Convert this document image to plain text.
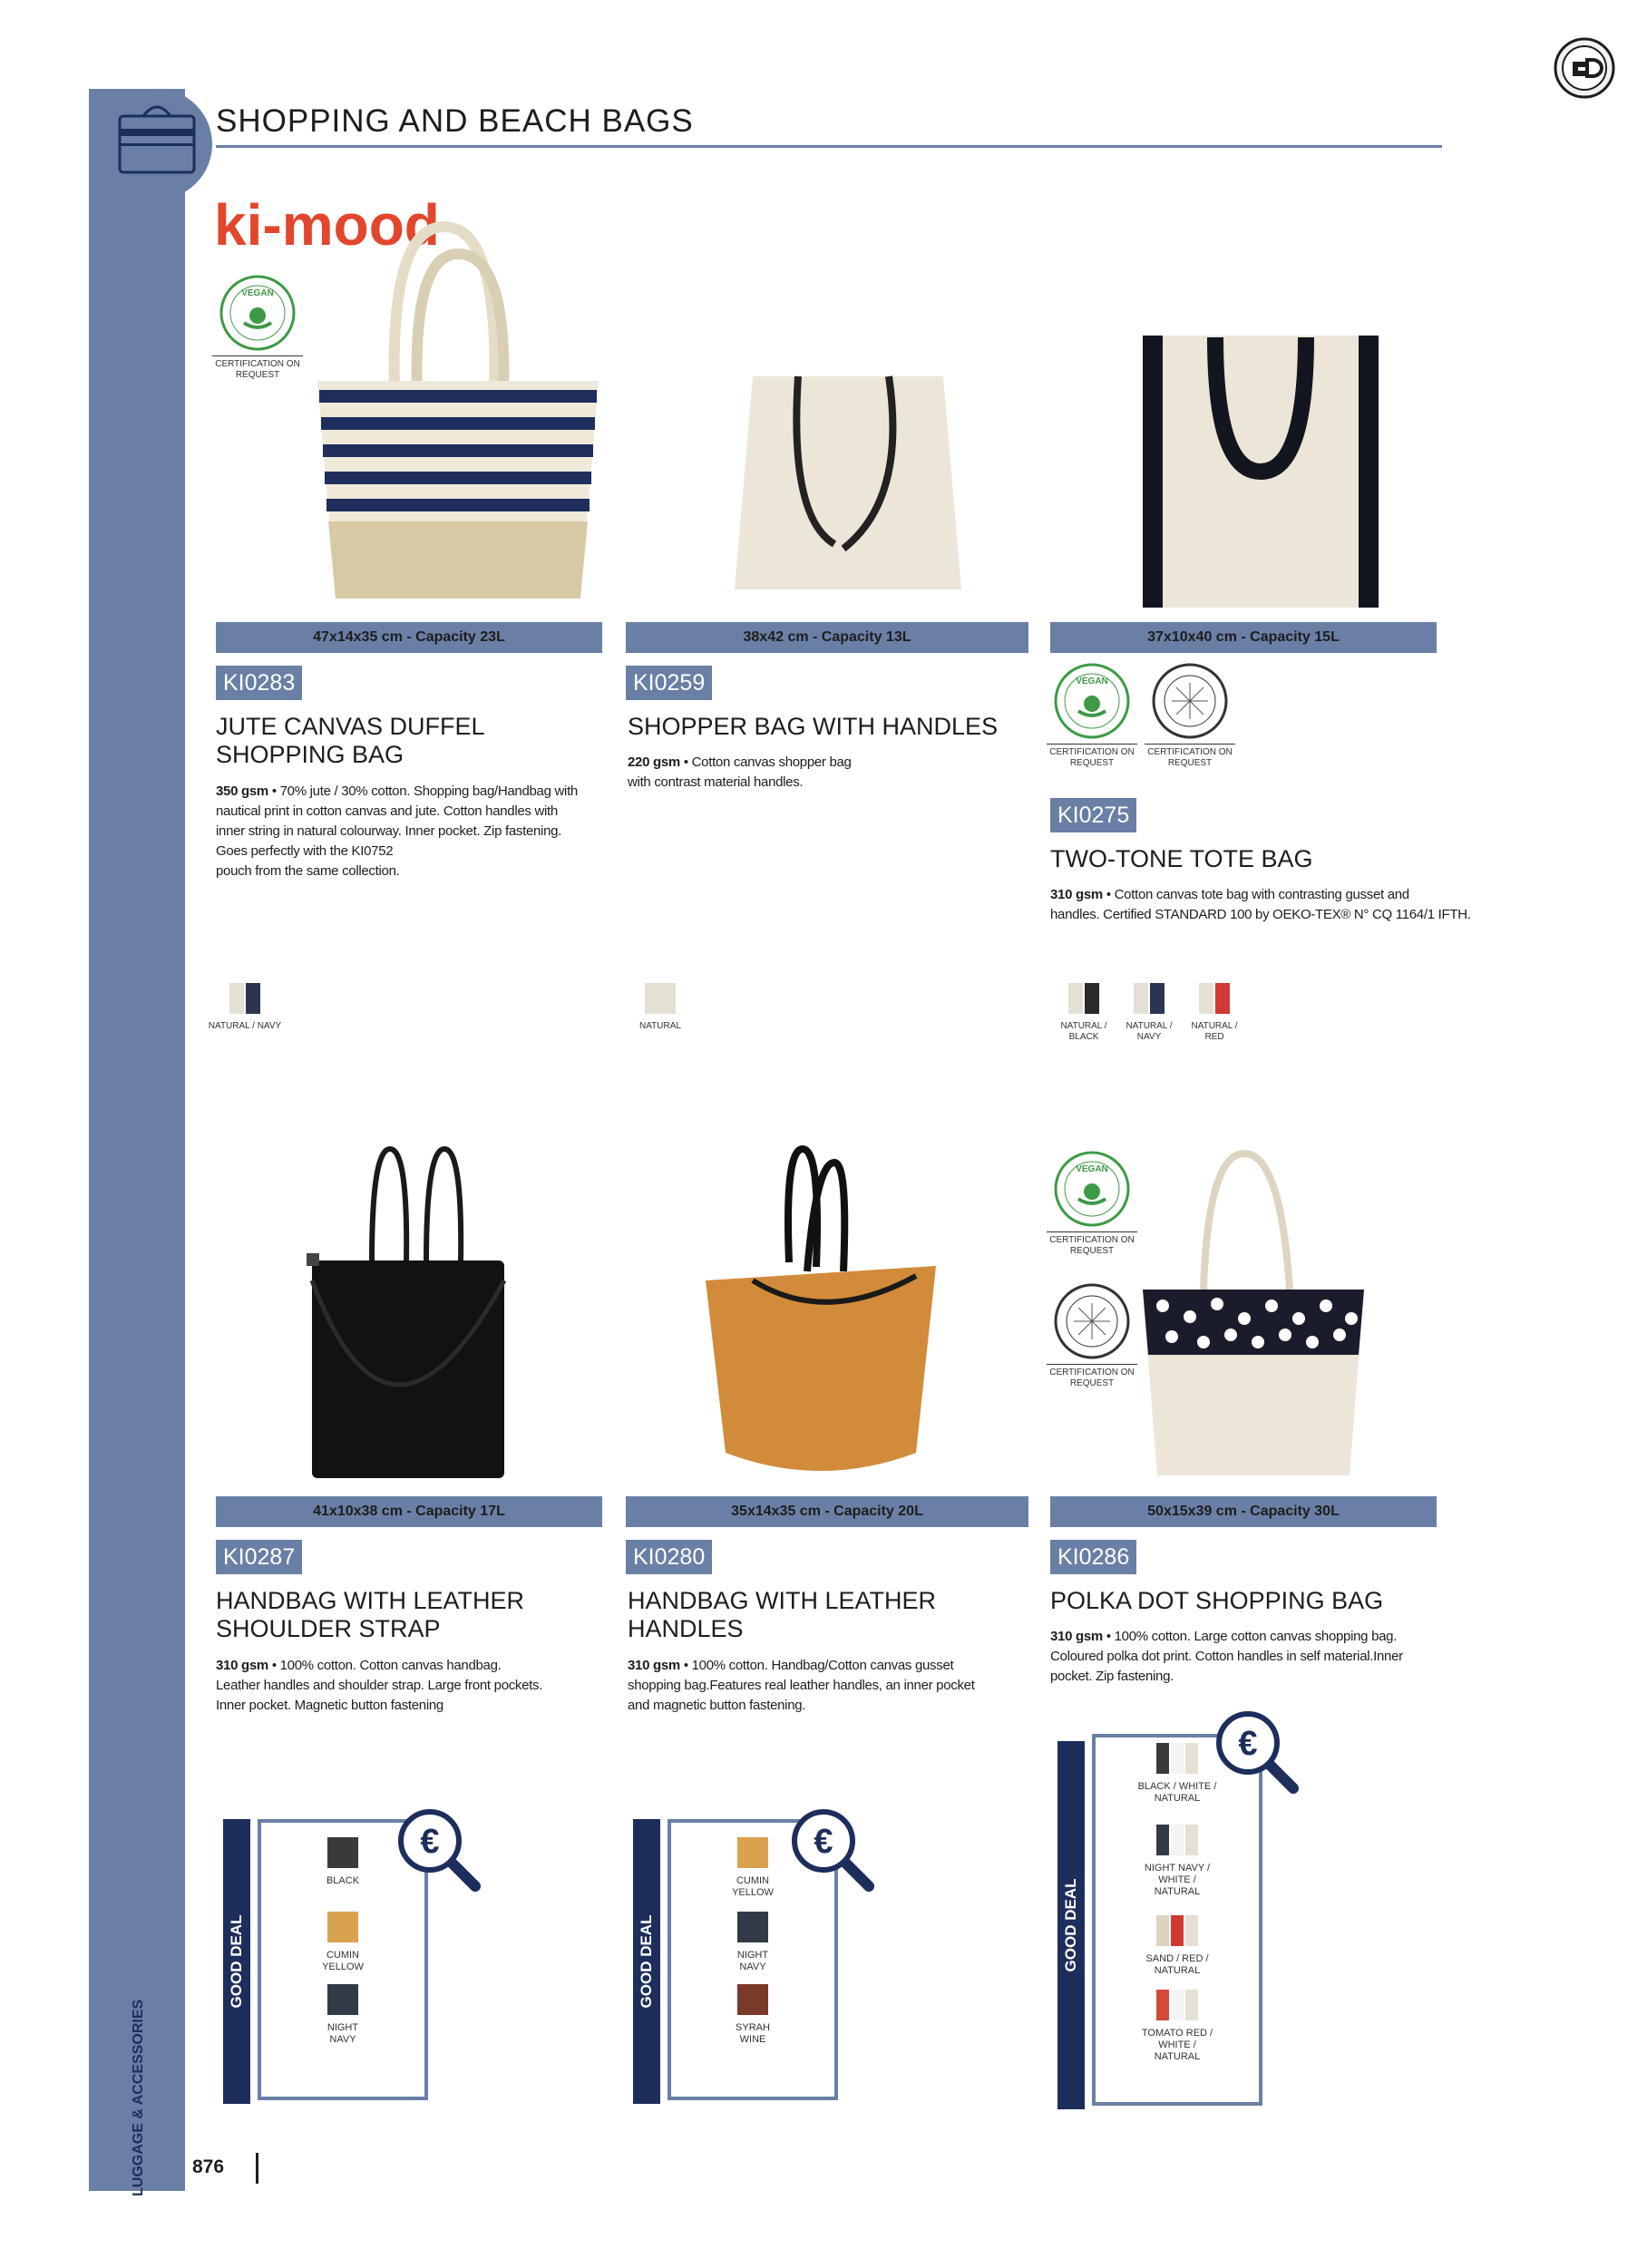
LUGGAGE & ACCESSORIES
SHOPPING AND BEACH BAGS
ki-mood
VEGAN
CERTIFICATION ON REQUEST
47x14x35 cm - Capacity 23L
KI0283
JUTE CANVAS DUFFEL
SHOPPING BAG
350 gsm • 70% jute / 30% cotton. Shopping bag/Handbag with
nautical print in cotton canvas and jute. Cotton handles with
inner string in natural colourway. Inner pocket. Zip fastening.
Goes perfectly with the KI0752
pouch from the same collection.
NATURAL / NAVY
38x42 cm - Capacity 13L
KI0259
SHOPPER BAG WITH HANDLES
220 gsm • Cotton canvas shopper bag
with contrast material handles.
NATURAL
37x10x40 cm - Capacity 15L
VEGAN
CERTIFICATION ON REQUEST
CERTIFICATION ON REQUEST
KI0275
TWO-TONE TOTE BAG
310 gsm • Cotton canvas tote bag with contrasting gusset and
handles. Certified STANDARD 100 by OEKO-TEX® N° CQ 1164/1 IFTH.
NATURAL /
BLACK
NATURAL /
NAVY
NATURAL /
RED
41x10x38 cm - Capacity 17L
KI0287
HANDBAG WITH LEATHER
SHOULDER STRAP
310 gsm • 100% cotton. Cotton canvas handbag.
Leather handles and shoulder strap. Large front pockets.
Inner pocket. Magnetic button fastening
GOOD DEAL
€
BLACK
CUMIN
YELLOW
NIGHT
NAVY
35x14x35 cm - Capacity 20L
KI0280
HANDBAG WITH LEATHER
HANDLES
310 gsm • 100% cotton. Handbag/Cotton canvas gusset
shopping bag.Features real leather handles, an inner pocket
and magnetic button fastening.
GOOD DEAL
€
CUMIN
YELLOW
NIGHT
NAVY
SYRAH
WINE
VEGAN
CERTIFICATION ON REQUEST
CERTIFICATION ON REQUEST
50x15x39 cm - Capacity 30L
KI0286
POLKA DOT SHOPPING BAG
310 gsm • 100% cotton. Large cotton canvas shopping bag.
Coloured polka dot print. Cotton handles in self material.Inner
pocket. Zip fastening.
GOOD DEAL
€
BLACK / WHITE /
NATURAL
NIGHT NAVY /
WHITE /
NATURAL
SAND / RED /
NATURAL
TOMATO RED /
WHITE /
NATURAL
876
